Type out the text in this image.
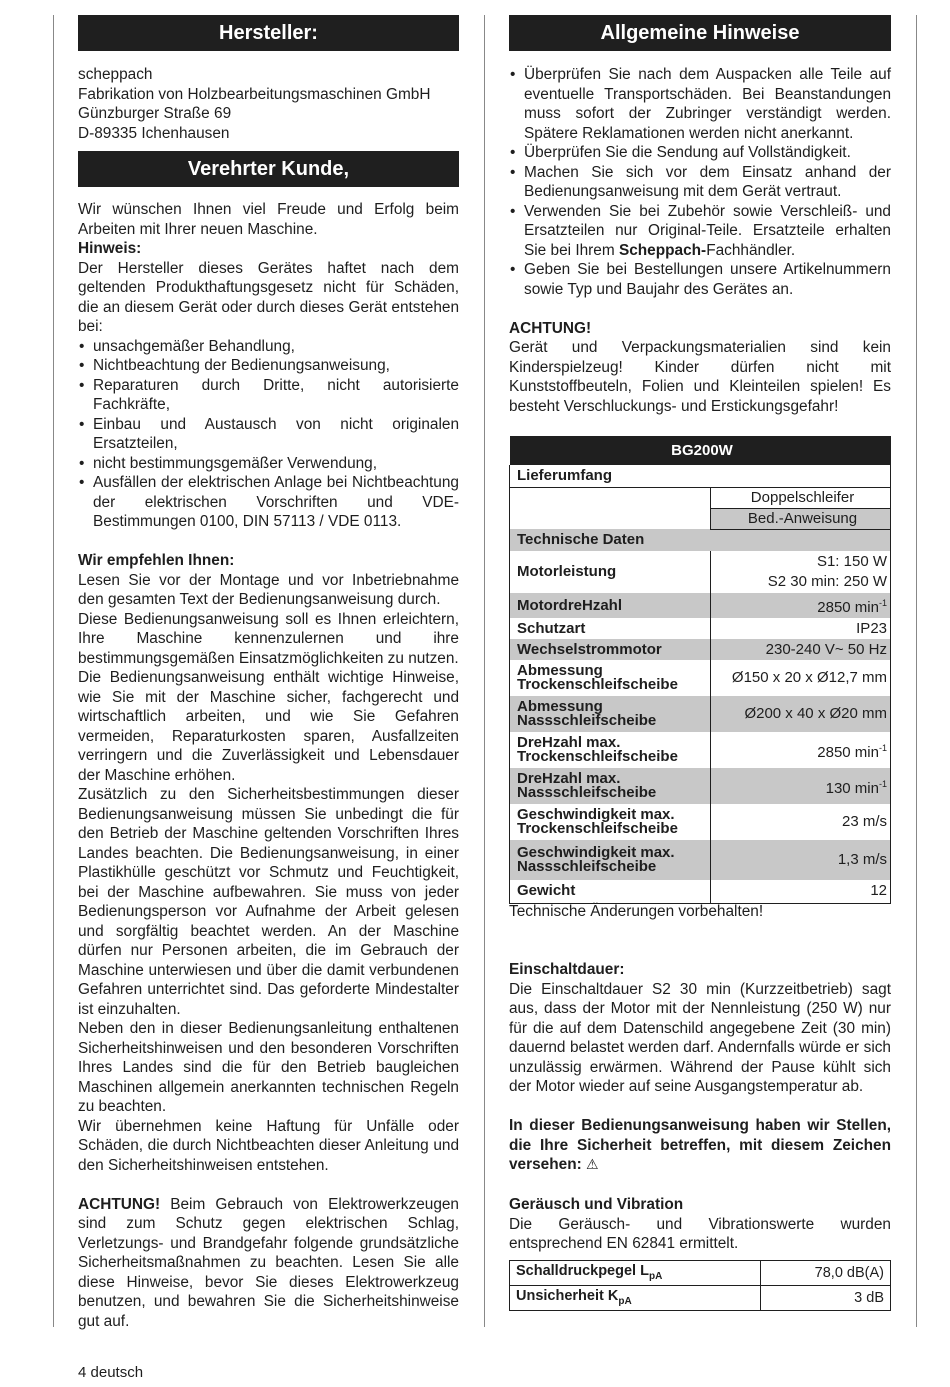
Hersteller:

scheppach

Fabrikation von Holzbearbeitungsmaschinen GmbH

Günzburger Straße 69

D-89335 Ichenhausen

Verehrter Kunde,

Wir wünschen Ihnen viel Freude und Erfolg beim Arbeiten mit Ihrer neuen Maschine.

Hinweis:

Der Hersteller dieses Gerätes haftet nach dem geltenden Produkthaftungsgesetz nicht für Schäden, die an diesem Gerät oder durch dieses Gerät entstehen bei:

• unsachgemäßer Behandlung,
• Nichtbeachtung der Bedienungsanweisung,
• Reparaturen durch Dritte, nicht autorisierte Fachkräfte,
• Einbau und Austausch von nicht originalen Ersatzteilen,
• nicht bestimmungsgemäßer Verwendung,
• Ausfällen der elektrischen Anlage bei Nichtbeachtung der elektrischen Vorschriften und VDE-Bestimmungen 0100, DIN 57113 / VDE 0113.

Wir empfehlen Ihnen:

Lesen Sie vor der Montage und vor Inbetriebnahme den gesamten Text der Bedienungsanweisung durch.

Diese Bedienungsanweisung soll es Ihnen erleichtern, Ihre Maschine kennenzulernen und ihre bestimmungsgemäßen Einsatzmöglichkeiten zu nutzen.

Die Bedienungsanweisung enthält wichtige Hinweise, wie Sie mit der Maschine sicher, fachgerecht und wirtschaftlich arbeiten, und wie Sie Gefahren vermeiden, Reparaturkosten sparen, Ausfallzeiten verringern und die Zuverlässigkeit und Lebensdauer der Maschine erhöhen.

Zusätzlich zu den Sicherheitsbestimmungen dieser Bedienungsanweisung müssen Sie unbedingt die für den Betrieb der Maschine geltenden Vorschriften Ihres Landes beachten. Die Bedienungsanweisung, in einer Plastikhülle geschützt vor Schmutz und Feuchtigkeit, bei der Maschine aufbewahren. Sie muss von jeder Bedienungsperson vor Aufnahme der Arbeit gelesen und sorgfältig beachtet werden. An der Maschine dürfen nur Personen arbeiten, die im Gebrauch der Maschine unterwiesen und über die damit verbundenen Gefahren unterrichtet sind. Das geforderte Mindestalter ist einzuhalten.

Neben den in dieser Bedienungsanleitung enthaltenen Sicherheitshinweisen und den besonderen Vorschriften Ihres Landes sind die für den Betrieb baugleichen Maschinen allgemein anerkannten technischen Regeln zu beachten.

Wir übernehmen keine Haftung für Unfälle oder Schäden, die durch Nichtbeachten dieser Anleitung und den Sicherheitshinweisen entstehen.

ACHTUNG! Beim Gebrauch von Elektrowerkzeugen sind zum Schutz gegen elektrischen Schlag, Verletzungs- und Brandgefahr folgende grundsätzliche Sicherheitsmaßnahmen zu beachten. Lesen Sie alle diese Hinweise, bevor Sie dieses Elektrowerkzeug benutzen, und bewahren Sie die Sicherheitshinweise gut auf.

Allgemeine Hinweise
• Überprüfen Sie nach dem Auspacken alle Teile auf eventuelle Transportschäden. Bei Beanstandungen muss sofort der Zubringer verständigt werden. Spätere Reklamationen werden nicht anerkannt.
• Überprüfen Sie die Sendung auf Vollständigkeit.
• Machen Sie sich vor dem Einsatz anhand der Bedienungsanweisung mit dem Gerät vertraut.
• Verwenden Sie bei Zubehör sowie Verschleiß- und Ersatzteilen nur Original-Teile. Ersatzteile erhalten Sie bei Ihrem Scheppach-Fachhändler.
• Geben Sie bei Bestellungen unsere Artikelnummern sowie Typ und Baujahr des Gerätes an.

ACHTUNG!

Gerät und Verpackungsmaterialien sind kein Kinderspielzeug! Kinder dürfen nicht mit Kunststoffbeuteln, Folien und Kleinteilen spielen! Es besteht Verschluckungs- und Erstickungsgefahr!

BG200W	
Lieferumfang	
	Doppelschleifer
	Bed.-Anweisung
Technische Daten	

Motorleistung	S1: 150 W
S2 30 min: 250 W

MotordreHzahl	2850 $\min^{-1}$

Schutzart	IP23

Wechselstrommotor	230-240 V~ 50 Hz

Abmessung
Trockenschleifscheibe	Ø150 x 20 x Ø12,7 mm

Abmessung
Nassschleifscheibe	Ø200 x 40 x Ø20 mm

DreHzahl max.
Trockenschleifscheibe	2850 $\min^{-1}$

DreHzahl max.
Nassschleifscheibe	130 $\min^{-1}$

Geschwindigkeit max.
Trockenschleifscheibe	23 m/s

Geschwindigkeit max.
Nassschleifscheibe	1,3 m/s

Gewicht	12

Technische Änderungen vorbehalten!

Einschaltdauer:

Die Einschaltdauer S2 30 min (Kurzzeitbetrieb) sagt aus, dass der Motor mit der Nennleistung (250 W) nur für die auf dem Datenschild angegebene Zeit (30 min) dauernd belastet werden darf. Andernfalls würde er sich unzulässig erwärmen. Während der Pause kühlt sich der Motor wieder auf seine Ausgangstemperatur ab.

In dieser Bedienungsanweisung haben wir Stellen, die Ihre Sicherheit betreffen, mit diesem Zeichen versehen: ⚠

Geräusch und Vibration

Die Geräusch- und Vibrationswerte wurden entsprechend EN 62841 ermittelt.

Schalldruckpegel $L_{pA}$	78,0 dB(A)
Unsicherheit $K_{pA}$	3 dB
4 deutsch
